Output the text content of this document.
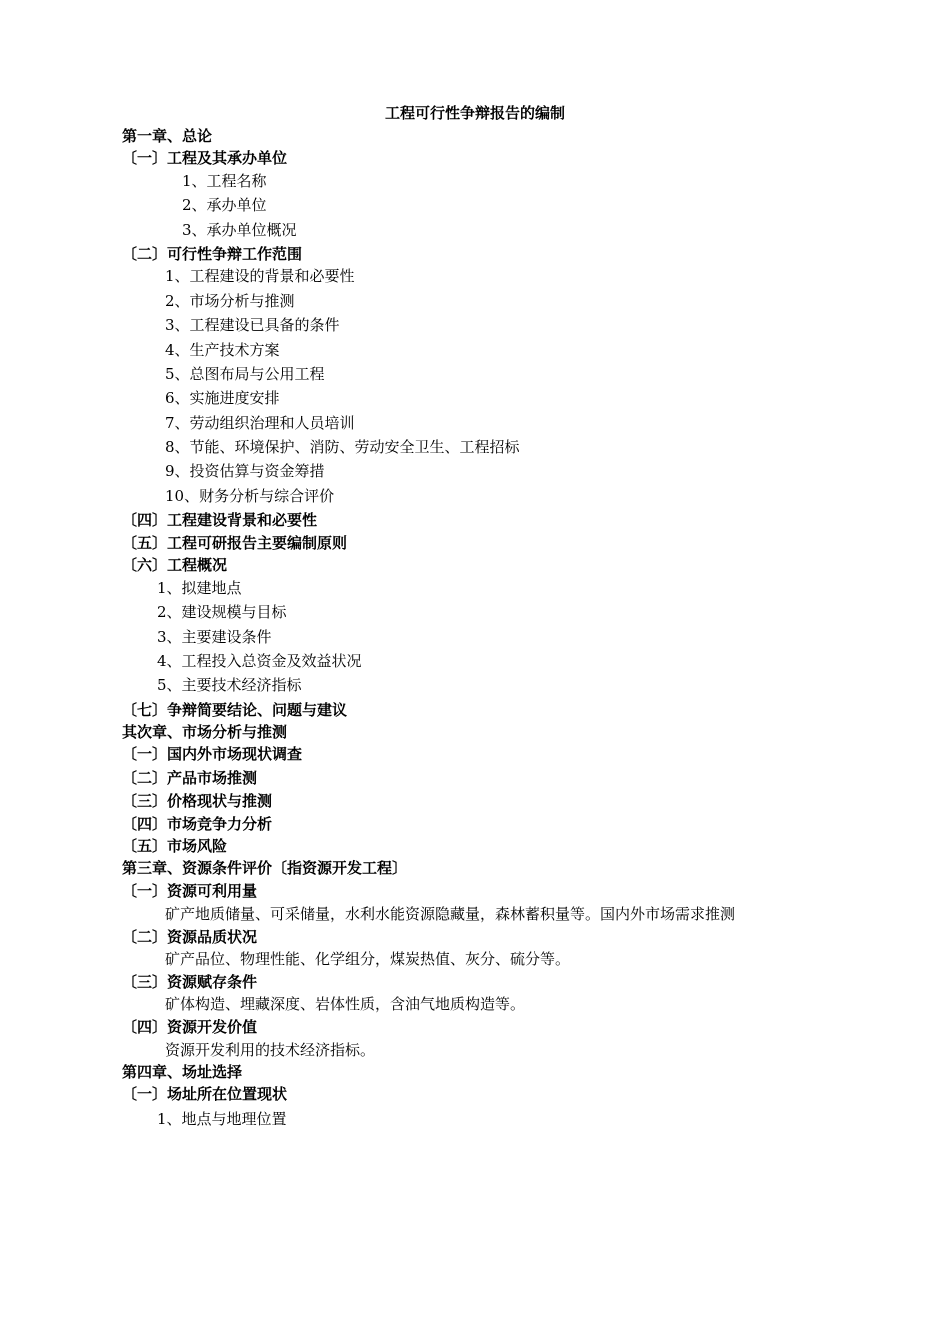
工程可行性争辩报告的编制
第一章、总论
〔一〕工程及其承办单位
1、工程名称
2、承办单位
3、承办单位概况
〔二〕可行性争辩工作范围
1、工程建设的背景和必要性
2、市场分析与推测
3、工程建设已具备的条件
4、生产技术方案
5、总图布局与公用工程
6、实施进度安排
7、劳动组织治理和人员培训
8、节能、环境保护、消防、劳动安全卫生、工程招标
9、投资估算与资金筹措
10、财务分析与综合评价
〔四〕工程建设背景和必要性
〔五〕工程可研报告主要编制原则
〔六〕工程概况
1、拟建地点
2、建设规模与目标
3、主要建设条件
4、工程投入总资金及效益状况
5、主要技术经济指标
〔七〕争辩简要结论、问题与建议
其次章、市场分析与推测
〔一〕国内外市场现状调查
〔二〕产品市场推测
〔三〕价格现状与推测
〔四〕市场竞争力分析
〔五〕市场风险
第三章、资源条件评价〔指资源开发工程〕
〔一〕资源可利用量
矿产地质储量、可采储量，水利水能资源隐藏量，森林蓄积量等。国内外市场需求推测
〔二〕资源品质状况
矿产品位、物理性能、化学组分，煤炭热值、灰分、硫分等。
〔三〕资源赋存条件
矿体构造、埋藏深度、岩体性质，含油气地质构造等。
〔四〕资源开发价值
资源开发利用的技术经济指标。
第四章、场址选择
〔一〕场址所在位置现状
1、地点与地理位置
